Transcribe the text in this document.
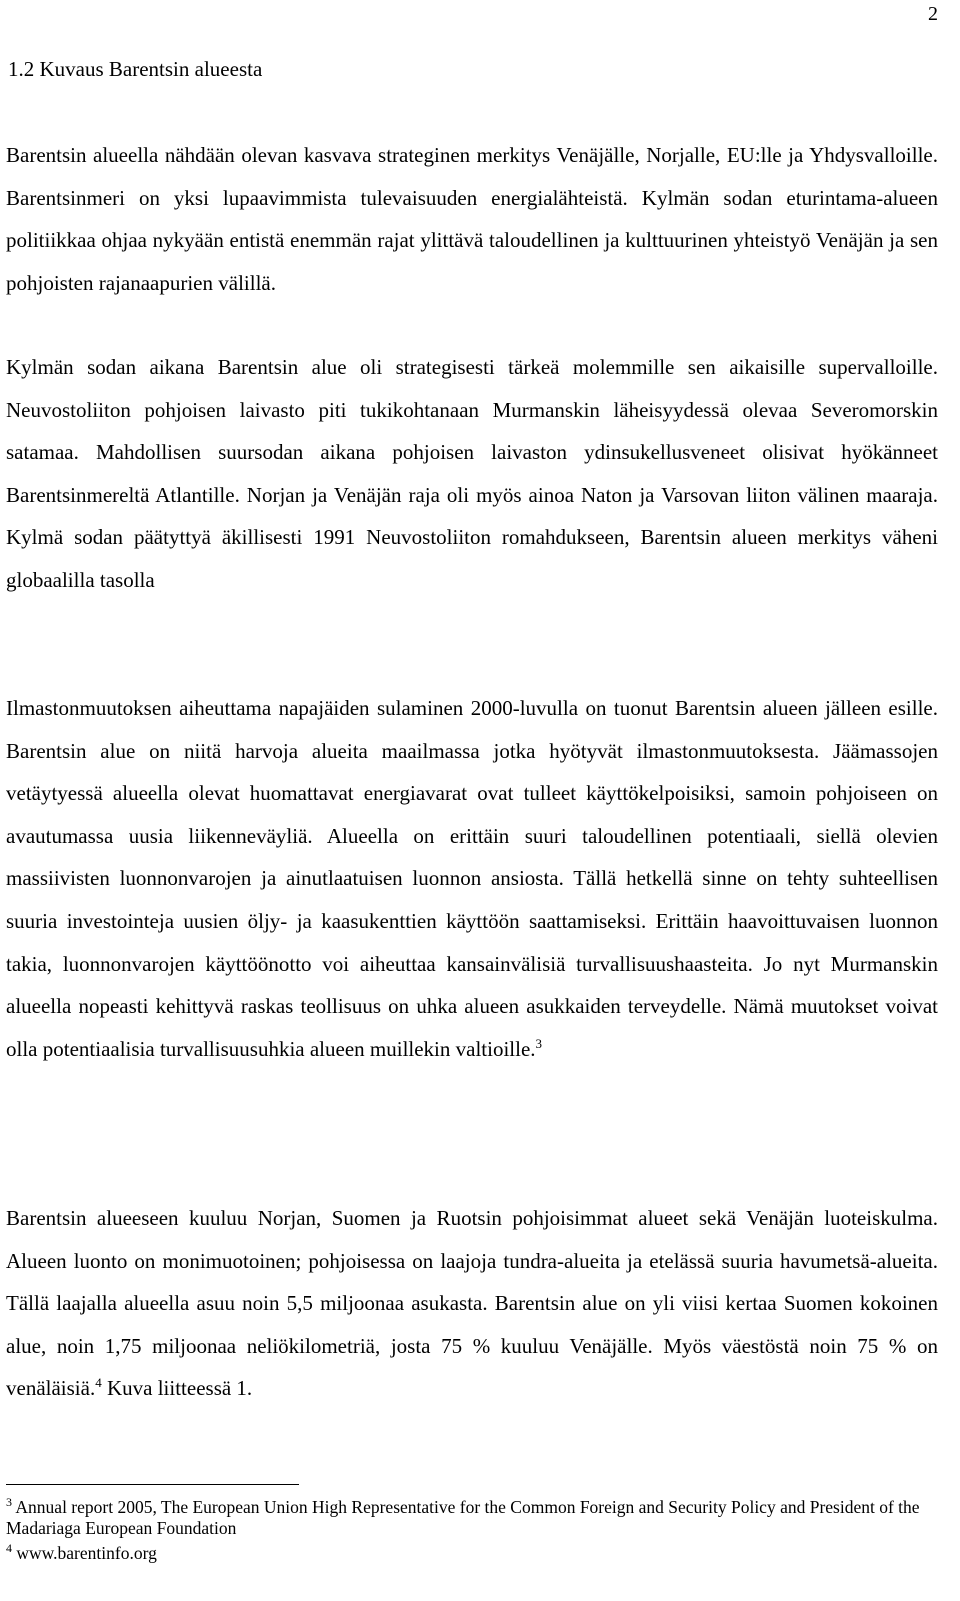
2
1.2 Kuvaus Barentsin alueesta

Barentsin alueella nähdään olevan kasvava strateginen merkitys Venäjälle, Norjalle, EU:lle ja Yhdysvalloille. Barentsinmeri on yksi lupaavimmista tulevaisuuden energialähteistä. Kylmän sodan eturintama-alueen politiikkaa ohjaa nykyään entistä enemmän rajat ylittävä taloudellinen ja kulttuurinen yhteistyö Venäjän ja sen pohjoisten rajanaapurien välillä.

Kylmän sodan aikana Barentsin alue oli strategisesti tärkeä molemmille sen aikaisille supervalloille. Neuvostoliiton pohjoisen laivasto piti tukikohtanaan Murmanskin läheisyydessä olevaa Severomorskin satamaa. Mahdollisen suursodan aikana pohjoisen laivaston ydinsukellusveneet olisivat hyökänneet Barentsinmereltä Atlantille. Norjan ja Venäjän raja oli myös ainoa Naton ja Varsovan liiton välinen maaraja. Kylmä sodan päätyttyä äkillisesti 1991 Neuvostoliiton romahdukseen, Barentsin alueen merkitys väheni globaalilla tasolla

Ilmastonmuutoksen aiheuttama napajäiden sulaminen 2000-luvulla on tuonut Barentsin alueen jälleen esille. Barentsin alue on niitä harvoja alueita maailmassa jotka hyötyvät ilmastonmuutoksesta. Jäämassojen vetäytyessä alueella olevat huomattavat energiavarat ovat tulleet käyttökelpoisiksi, samoin pohjoiseen on avautumassa uusia liikenneväyliä. Alueella on erittäin suuri taloudellinen potentiaali, siellä olevien massiivisten luonnonvarojen ja ainutlaatuisen luonnon ansiosta. Tällä hetkellä sinne on tehty suhteellisen suuria investointeja uusien öljy- ja kaasukenttien käyttöön saattamiseksi. Erittäin haavoittuvaisen luonnon takia, luonnonvarojen käyttöönotto voi aiheuttaa kansainvälisiä turvallisuushaasteita. Jo nyt Murmanskin alueella nopeasti kehittyvä raskas teollisuus on uhka alueen asukkaiden terveydelle. Nämä muutokset voivat olla potentiaalisia turvallisuusuhkia alueen muillekin valtioille.$^3$

Barentsin alueeseen kuuluu Norjan, Suomen ja Ruotsin pohjoisimmat alueet sekä Venäjän luoteiskulma. Alueen luonto on monimuotoinen; pohjoisessa on laajoja tundra-alueita ja etelässä suuria havumetsä-alueita. Tällä laajalla alueella asuu noin 5,5 miljoonaa asukasta. Barentsin alue on yli viisi kertaa Suomen kokoinen alue, noin 1,75 miljoonaa neliökilometriä, josta 75 % kuuluu Venäjälle. Myös väestöstä noin 75 % on venäläisiä.$^4$ Kuva liitteessä 1.

$^3$ Annual report 2005, The European Union High Representative for the Common Foreign and Security Policy and President of the Madariaga European Foundation

$^4$ www.barentinfo.org
